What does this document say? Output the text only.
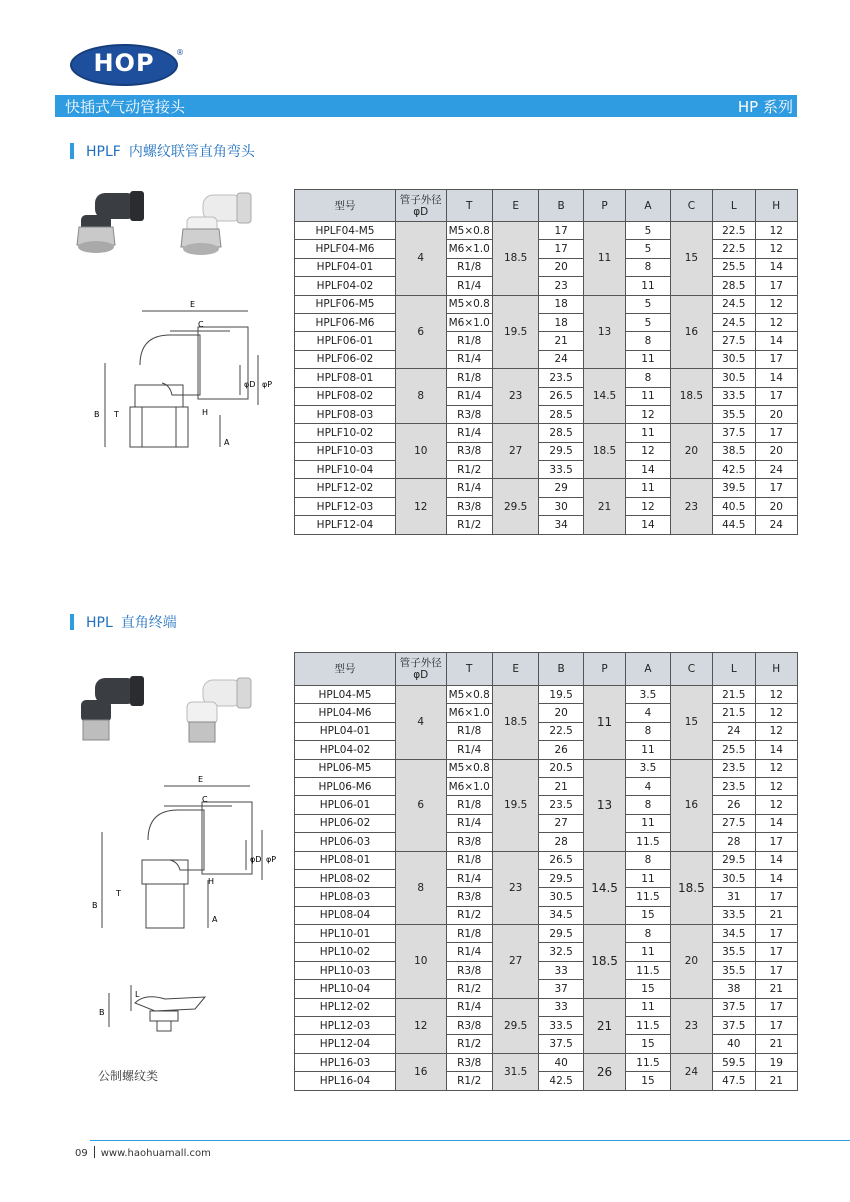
HOP	®
快插式气动管接头	HP 系列
HPLF 内螺纹联管直角弯头
E
C
B T	H
A
φD φP
型号	管子外径 φD	T	E	B	P	A	C	L	H
HPLF04-M5	4	M5×0.8	18.5	17	11	5	15	22.5	12
HPLF04-M6		M6×1.0		17		5		22.5	12
HPLF04-01		R1/8		20		8		25.5	14
HPLF04-02		R1/4		23		11		28.5	17
HPLF06-M5	6	M5×0.8	19.5	18	13	5	16	24.5	12
HPLF06-M6		M6×1.0		18		5		24.5	12
HPLF06-01		R1/8		21		8		27.5	14
HPLF06-02		R1/4		24		11		30.5	17
HPLF08-01	8	R1/8	23	23.5	14.5	8	18.5	30.5	14
HPLF08-02		R1/4		26.5		11		33.5	17
HPLF08-03		R3/8		28.5		12		35.5	20
HPLF10-02	10	R1/4	27	28.5	18.5	11	20	37.5	17
HPLF10-03		R3/8		29.5		12		38.5	20
HPLF10-04		R1/2		33.5		14		42.5	24
HPLF12-02	12	R1/4	29.5	29	21	11	23	39.5	17
HPLF12-03		R3/8		30		12		40.5	20
HPLF12-04		R1/2		34		14		44.5	24
HPL 直角终端
E
C
B
T
H
A
φD φP
B
L
公制螺纹类
型号	管子外径 φD	T	E	B	P	A	C	L	H
HPL04-M5	4	M5×0.8	18.5	19.5	11	3.5	15	21.5	12
HPL04-M6		M6×1.0		20		4		21.5	12
HPL04-01		R1/8		22.5		8		24	12
HPL04-02		R1/4		26		11		25.5	14
HPL06-M5	6	M5×0.8	19.5	20.5	13	3.5	16	23.5	12
HPL06-M6		M6×1.0		21		4		23.5	12
HPL06-01		R1/8		23.5		8		26	12
HPL06-02		R1/4		27		11		27.5	14
HPL06-03		R3/8		28		11.5		28	17
HPL08-01	8	R1/8	23	26.5	14.5	8	18.5	29.5	14
HPL08-02		R1/4		29.5		11		30.5	14
HPL08-03		R3/8		30.5		11.5		31	17
HPL08-04		R1/2		34.5		15		33.5	21
HPL10-01	10	R1/8	27	29.5	18.5	8	20	34.5	17
HPL10-02		R1/4		32.5		11		35.5	17
HPL10-03		R3/8		33		11.5		35.5	17
HPL10-04		R1/2		37		15		38	21
HPL12-02	12	R1/4	29.5	33	21	11	23	37.5	17
HPL12-03		R3/8		33.5		11.5		37.5	17
HPL12-04		R1/2		37.5		15		40	21
HPL16-03	16	R3/8	31.5	40	26	11.5	24	59.5	19
HPL16-04		R1/2		42.5		15		47.5	21
09 www.haohuamall.com
